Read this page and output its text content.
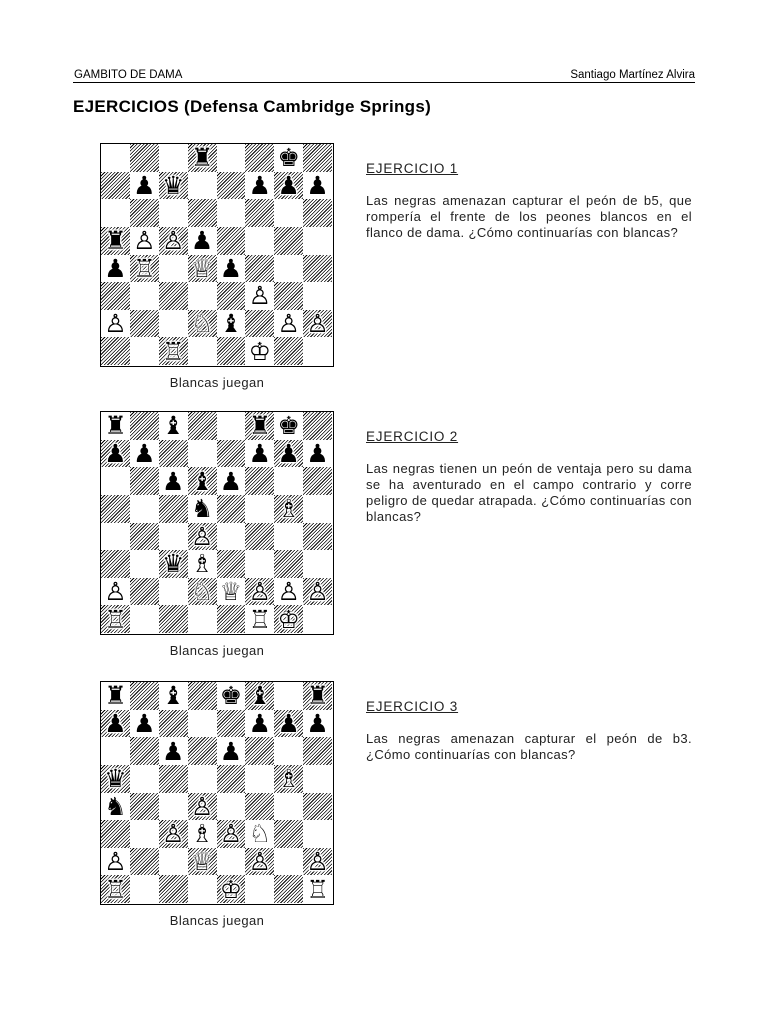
GAMBITO DE DAMA	Santiago Martínez Alvira
EJERCICIOS (Defensa Cambridge Springs)
♜	♚
♟ ♛	♟ ♟ ♟
♜ ♙ ♙ ♟
♟ ♖ ♕ ♟
♙
♙	♘ ♝ ♙ ♙
♖	♔
Blancas juegan
EJERCICIO 1
Las negras amenazan capturar el peón de b5, que rompería el frente de los peones blancos en el flanco de dama. ¿Cómo continuarías con blancas?
♜ ♝	♜ ♚
♟ ♟	♟ ♟ ♟
♟ ♝ ♟
♞	♗
♙
♛ ♗
♙	♘ ♕ ♙ ♙ ♙
♖	♖ ♔
Blancas juegan
EJERCICIO 2
Las negras tienen un peón de ventaja pero su dama se ha aventurado en el campo contrario y corre peligro de quedar atrapada. ¿Cómo continuarías con blancas?
♜ ♝ ♚ ♝ ♜
♟ ♟	♟ ♟ ♟
♟ ♟
♛	♗
♞	♙
♙ ♗ ♙ ♘
♙	♕ ♙ ♙
♖	♔	♖
Blancas juegan
EJERCICIO 3
Las negras amenazan capturar el peón de b3. ¿Cómo continuarías con blancas?
